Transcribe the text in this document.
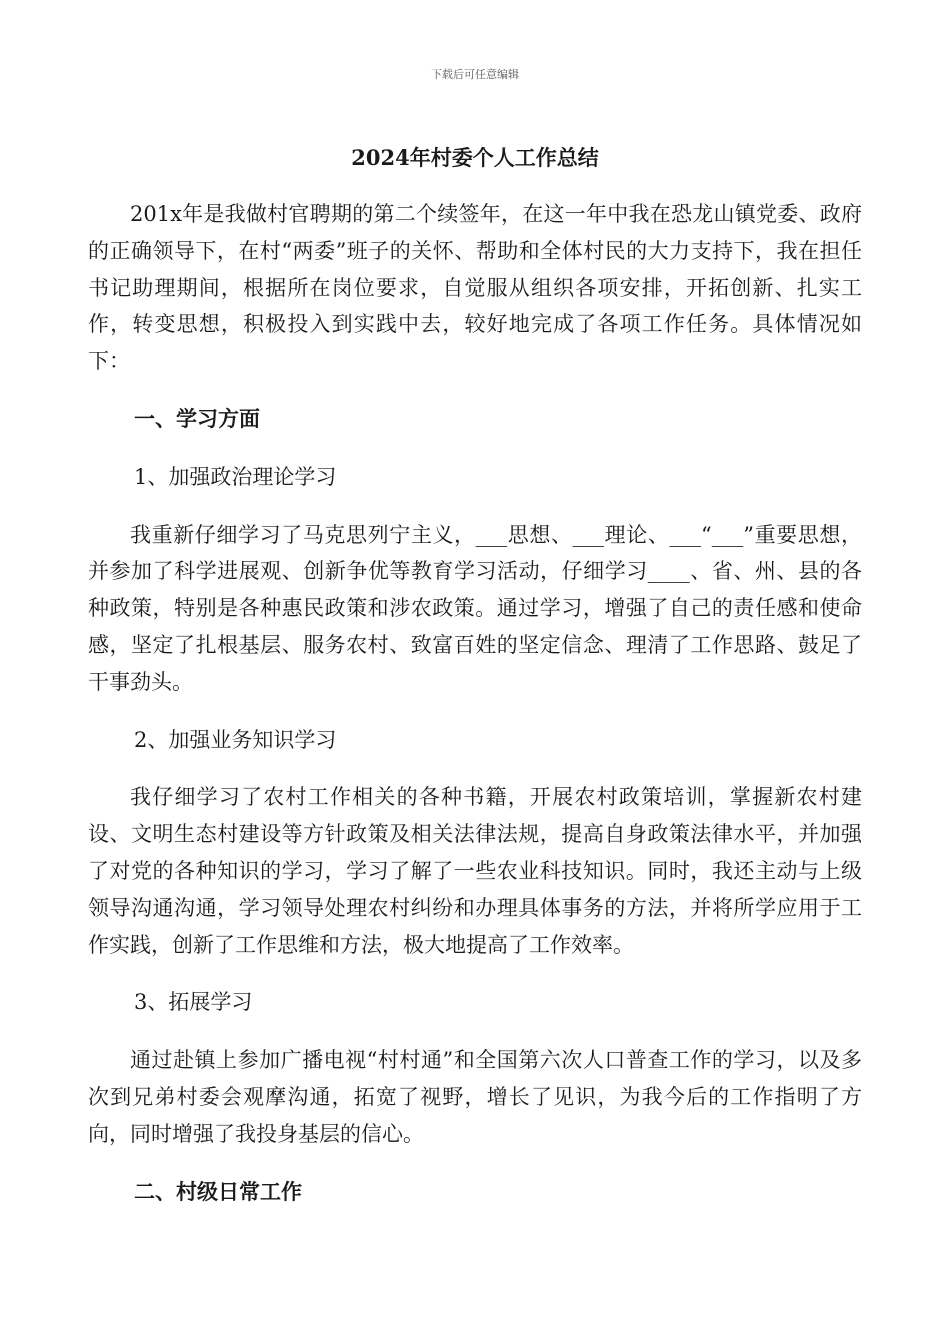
下载后可任意编辑
2024年村委个人工作总结

201x年是我做村官聘期的第二个续签年，在这一年中我在恐龙山镇党委、政府的正确领导下，在村“两委”班子的关怀、帮助和全体村民的大力支持下，我在担任书记助理期间，根据所在岗位要求，自觉服从组织各项安排，开拓创新、扎实工作，转变思想，积极投入到实践中去，较好地完成了各项工作任务。具体情况如下：

一、学习方面

1、加强政治理论学习

我重新仔细学习了马克思列宁主义，___思想、___理论、___“___”重要思想，并参加了科学进展观、创新争优等教育学习活动，仔细学习____、省、州、县的各种政策，特别是各种惠民政策和涉农政策。通过学习，增强了自己的责任感和使命感，坚定了扎根基层、服务农村、致富百姓的坚定信念、理清了工作思路、鼓足了干事劲头。

2、加强业务知识学习

我仔细学习了农村工作相关的各种书籍，开展农村政策培训，掌握新农村建设、文明生态村建设等方针政策及相关法律法规，提高自身政策法律水平，并加强了对党的各种知识的学习，学习了解了一些农业科技知识。同时，我还主动与上级领导沟通沟通，学习领导处理农村纠纷和办理具体事务的方法，并将所学应用于工作实践，创新了工作思维和方法，极大地提高了工作效率。

3、拓展学习

通过赴镇上参加广播电视“村村通”和全国第六次人口普查工作的学习，以及多次到兄弟村委会观摩沟通，拓宽了视野，增长了见识，为我今后的工作指明了方向，同时增强了我投身基层的信心。

二、村级日常工作
